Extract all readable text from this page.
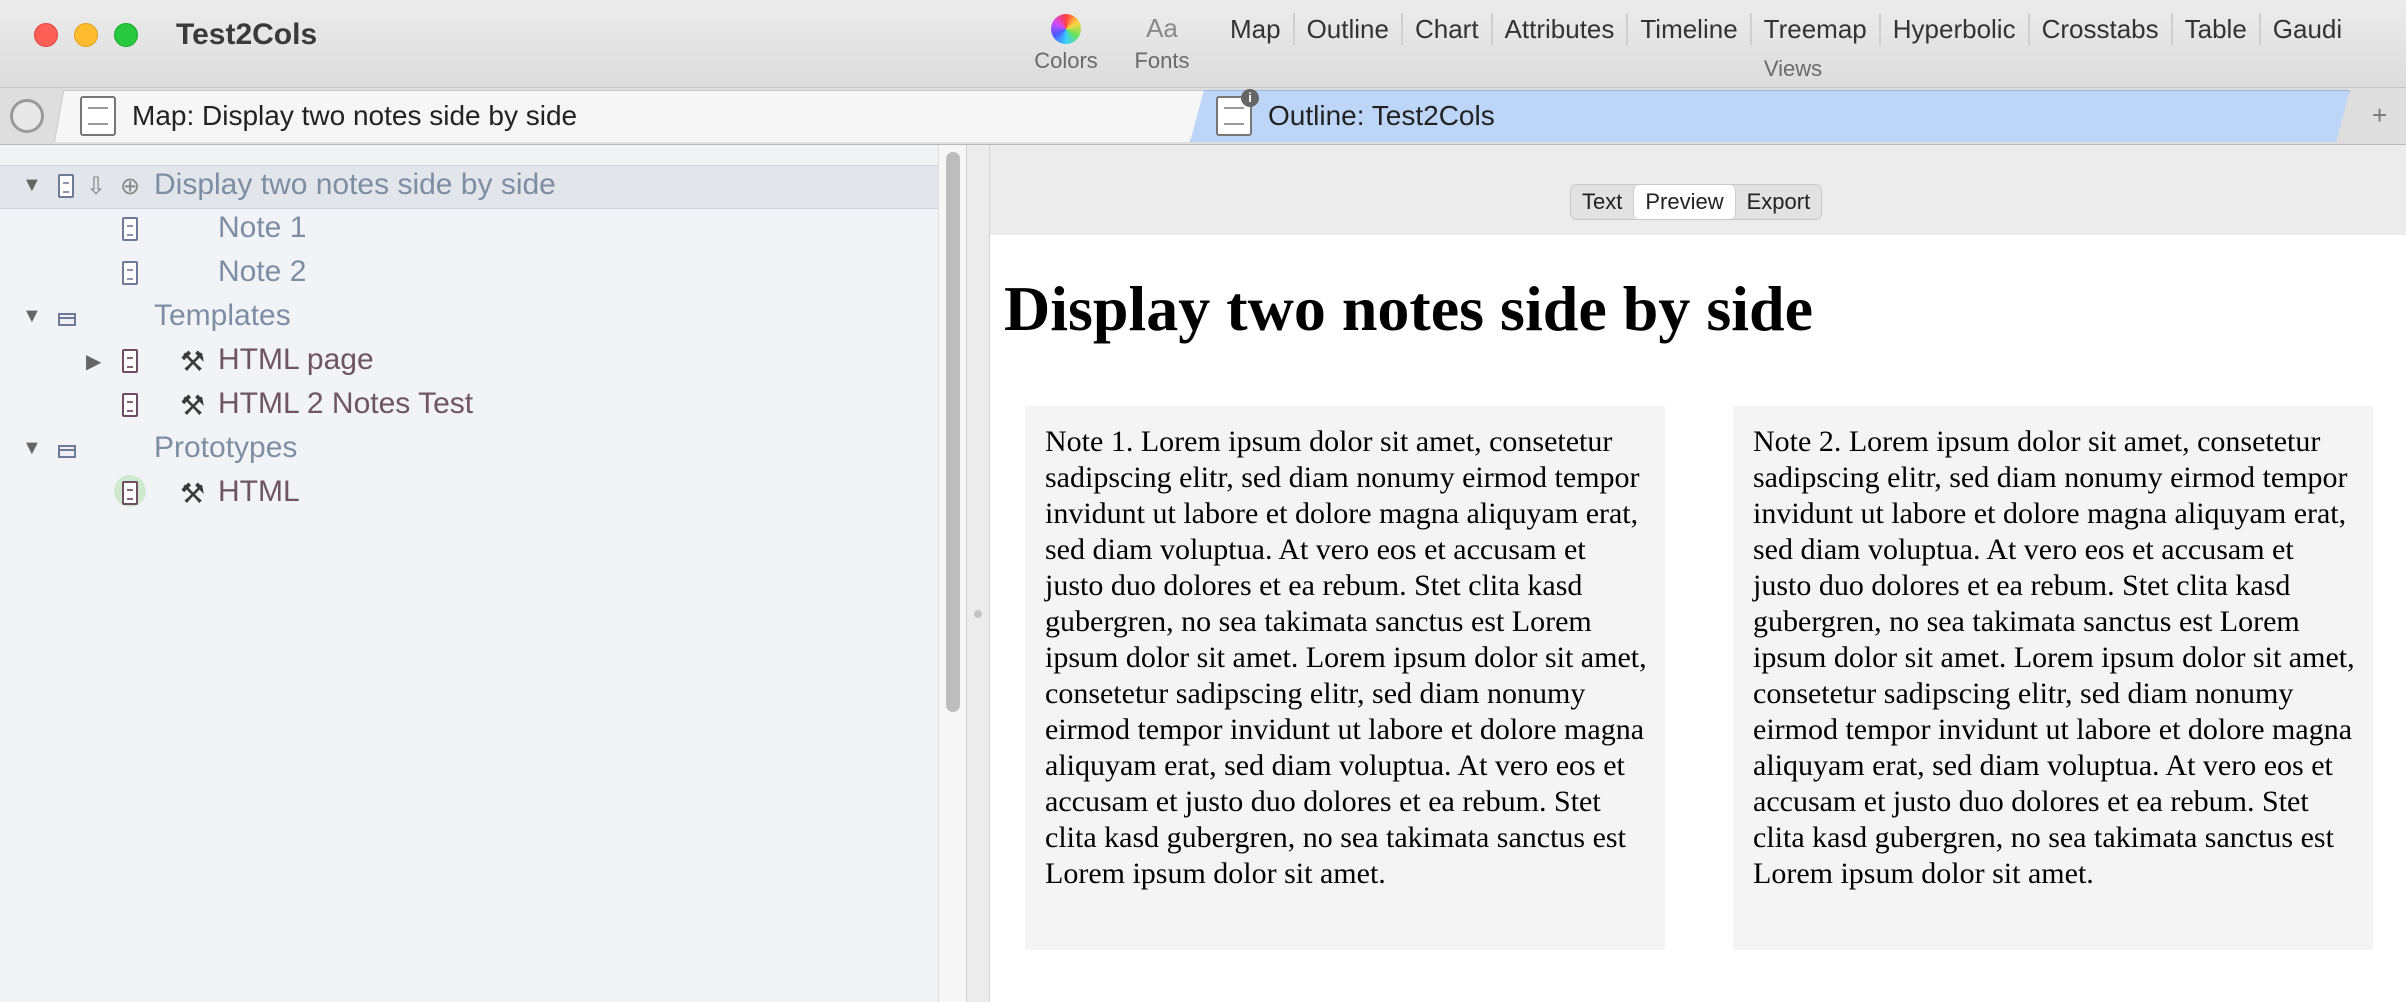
Test2Cols
Colors
Aa
Fonts
Map	Outline	Chart	Attributes	Timeline	Treemap	Hyperbolic	Crosstabs	Table	Gaudi
Views
Map: Display two notes side by side
i	Outline: Test2Cols	+
▼ ⇩ ⊕ Display two notes side by side
Note 1
Note 2
▼	Templates
▶	⚒ HTML page
⚒ HTML 2 Notes Test
▼	Prototypes
⚒ HTML
Text	Preview	Export
Display two notes side by side
Note 1. Lorem ipsum dolor sit amet, consetetur sadipscing elitr, sed diam nonumy eirmod tempor invidunt ut labore et dolore magna aliquyam erat, sed diam voluptua. At vero eos et accusam et justo duo dolores et ea rebum. Stet clita kasd gubergren, no sea takimata sanctus est Lorem ipsum dolor sit amet. Lorem ipsum dolor sit amet, consetetur sadipscing elitr, sed diam nonumy eirmod tempor invidunt ut labore et dolore magna aliquyam erat, sed diam voluptua. At vero eos et accusam et justo duo dolores et ea rebum. Stet clita kasd gubergren, no sea takimata sanctus est Lorem ipsum dolor sit amet.
Note 2. Lorem ipsum dolor sit amet, consetetur sadipscing elitr, sed diam nonumy eirmod tempor invidunt ut labore et dolore magna aliquyam erat, sed diam voluptua. At vero eos et accusam et justo duo dolores et ea rebum. Stet clita kasd gubergren, no sea takimata sanctus est Lorem ipsum dolor sit amet. Lorem ipsum dolor sit amet, consetetur sadipscing elitr, sed diam nonumy eirmod tempor invidunt ut labore et dolore magna aliquyam erat, sed diam voluptua. At vero eos et accusam et justo duo dolores et ea rebum. Stet clita kasd gubergren, no sea takimata sanctus est Lorem ipsum dolor sit amet.
